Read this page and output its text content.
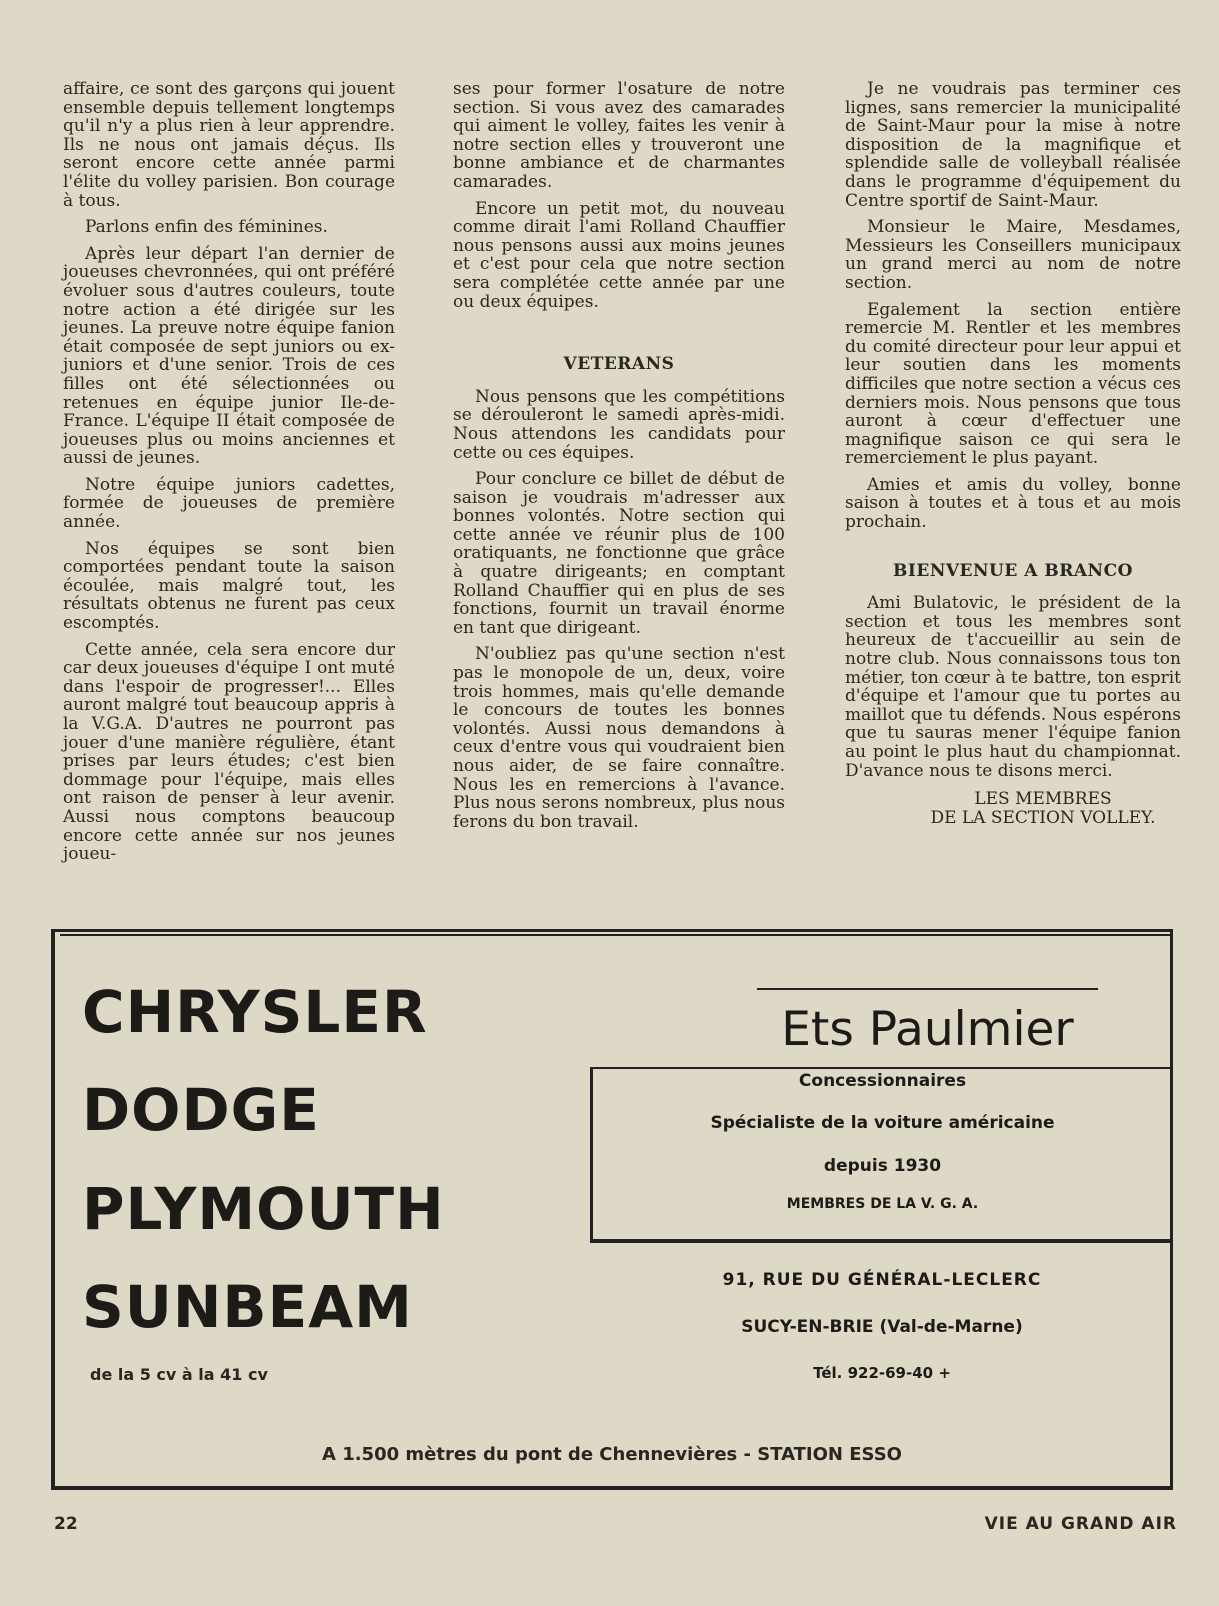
affaire, ce sont des garçons qui jouent ensemble depuis tellement longtemps qu'il n'y a plus rien à leur apprendre. Ils ne nous ont jamais déçus. Ils seront encore cette année parmi l'élite du volley parisien. Bon courage à tous.

Parlons enfin des féminines.

Après leur départ l'an dernier de joueuses chevronnées, qui ont préféré évoluer sous d'autres couleurs, toute notre action a été dirigée sur les jeunes. La preuve notre équipe fanion était composée de sept juniors ou ex-juniors et d'une senior. Trois de ces filles ont été sélectionnées ou retenues en équipe junior Ile-de-France. L'équipe II était composée de joueuses plus ou moins anciennes et aussi de jeunes.

Notre équipe juniors cadettes, formée de joueuses de première année.

Nos équipes se sont bien comportées pendant toute la saison écoulée, mais malgré tout, les résultats obtenus ne furent pas ceux escomptés.

Cette année, cela sera encore dur car deux joueuses d'équipe I ont muté dans l'espoir de progresser!... Elles auront malgré tout beaucoup appris à la V.G.A. D'autres ne pourront pas jouer d'une manière régulière, étant prises par leurs études; c'est bien dommage pour l'équipe, mais elles ont raison de penser à leur avenir. Aussi nous comptons beaucoup encore cette année sur nos jeunes joueu-

ses pour former l'osature de notre section. Si vous avez des camarades qui aiment le volley, faites les venir à notre section elles y trouveront une bonne ambiance et de charmantes camarades.

Encore un petit mot, du nouveau comme dirait l'ami Rolland Chauffier nous pensons aussi aux moins jeunes et c'est pour cela que notre section sera complétée cette année par une ou deux équipes.

VETERANS

Nous pensons que les compétitions se dérouleront le samedi après-midi. Nous attendons les candidats pour cette ou ces équipes.

Pour conclure ce billet de début de saison je voudrais m'adresser aux bonnes volontés. Notre section qui cette année ve réunir plus de 100 oratiquants, ne fonctionne que grâce à quatre dirigeants; en comptant Rolland Chauffier qui en plus de ses fonctions, fournit un travail énorme en tant que dirigeant.

N'oubliez pas qu'une section n'est pas le monopole de un, deux, voire trois hommes, mais qu'elle demande le concours de toutes les bonnes volontés. Aussi nous demandons à ceux d'entre vous qui voudraient bien nous aider, de se faire connaître. Nous les en remercions à l'avance. Plus nous serons nombreux, plus nous ferons du bon travail.

Je ne voudrais pas terminer ces lignes, sans remercier la municipalité de Saint-Maur pour la mise à notre disposition de la magnifique et splendide salle de volleyball réalisée dans le programme d'équipement du Centre sportif de Saint-Maur.

Monsieur le Maire, Mesdames, Messieurs les Conseillers municipaux un grand merci au nom de notre section.

Egalement la section entière remercie M. Rentler et les membres du comité directeur pour leur appui et leur soutien dans les moments difficiles que notre section a vécus ces derniers mois. Nous pensons que tous auront à cœur d'effectuer une magnifique saison ce qui sera le remerciement le plus payant.

Amies et amis du volley, bonne saison à toutes et à tous et au mois prochain.

BIENVENUE A BRANCO

Ami Bulatovic, le président de la section et tous les membres sont heureux de t'accueillir au sein de notre club. Nous connaissons tous ton métier, ton cœur à te battre, ton esprit d'équipe et l'amour que tu portes au maillot que tu défends. Nous espérons que tu sauras mener l'équipe fanion au point le plus haut du championnat. D'avance nous te disons merci.

LES MEMBRES
DE LA SECTION VOLLEY.

CHRYSLER
DODGE
PLYMOUTH
SUNBEAM
de la 5 cv à la 41 cv
Ets Paulmier
Concessionnaires
Spécialiste de la voiture américaine
depuis 1930
MEMBRES DE LA V. G. A.
91, RUE DU GÉNÉRAL-LECLERC
SUCY-EN-BRIE (Val-de-Marne)
Tél. 922-69-40 +
A 1.500 mètres du pont de Chennevières - STATION ESSO
22	VIE AU GRAND AIR
